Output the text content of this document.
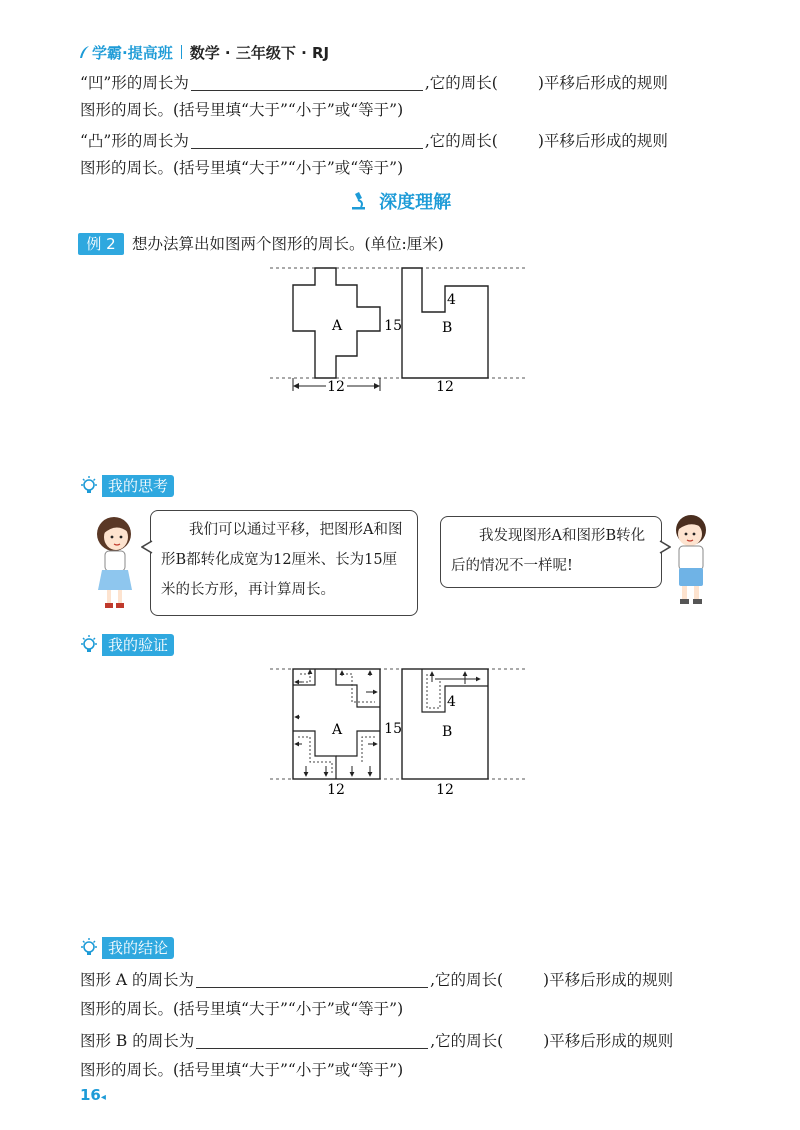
学霸·提高班 数学 · 三年级下 · RJ
“凹”形的周长为	,它的周长(	)平移后形成的规则
图形的周长。(括号里填“大于”“小于”或“等于”)
“凸”形的周长为	,它的周长(	)平移后形成的规则
图形的周长。(括号里填“大于”“小于”或“等于”)
深度理解
例 2	想办法算出如图两个图形的周长。(单位:厘米)
A	B
4
15
12	12
我的思考
我们可以通过平移，把图形A和图形B都转化成宽为12厘米、长为15厘米的长方形，再计算周长。
我发现图形A和图形B转化后的情况不一样呢!
我的验证
A
4
B
15
12	12
我的结论
图形 A 的周长为	,它的周长(	)平移后形成的规则
图形的周长。(括号里填“大于”“小于”或“等于”)
图形 B 的周长为	,它的周长(	)平移后形成的规则
图形的周长。(括号里填“大于”“小于”或“等于”)
16◂
